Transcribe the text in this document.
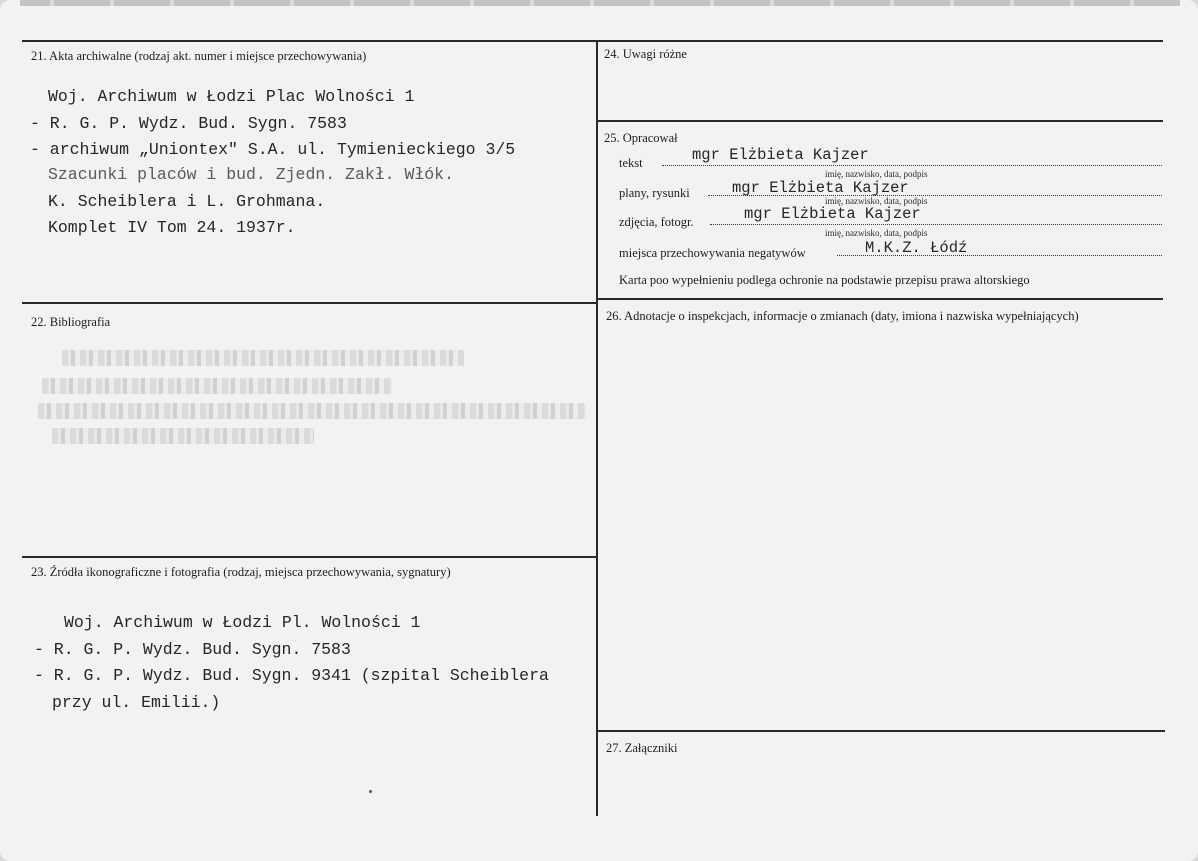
21. Akta archiwalne (rodzaj akt. numer i miejsce przechowywania)
Woj. Archiwum w Łodzi Plac Wolności 1
- R. G. P. Wydz. Bud. Sygn. 7583
- archiwum „Uniontex" S.A. ul. Tymienieckiego 3/5
Szacunki placów i bud. Zjedn. Zakł. Włók.
K. Scheiblera i L. Grohmana.
Komplet IV Tom 24. 1937r.
24. Uwagi różne
25. Opracował
tekst	mgr Elżbieta Kajzer
imię, nazwisko, data, podpis
plany, rysunki	mgr Elżbieta Kajzer
imię, nazwisko, data, podpis
zdjęcia, fotogr.	mgr Elżbieta Kajzer
imię, nazwisko, data, podpis
miejsca przechowywania negatywów	M.K.Z. Łódź
Karta poo wypełnieniu podlega ochronie na podstawie przepisu prawa altorskiego
22. Bibliografia	26. Adnotacje o inspekcjach, informacje o zmianach (daty, imiona i nazwiska wypełniających)
23. Źródła ikonograficzne i fotografia (rodzaj, miejsca przechowywania, sygnatury)
Woj. Archiwum w Łodzi Pl. Wolności 1
- R. G. P. Wydz. Bud. Sygn. 7583
- R. G. P. Wydz. Bud. Sygn. 9341 (szpital Scheiblera
przy ul. Emilii.)
27. Załączniki
